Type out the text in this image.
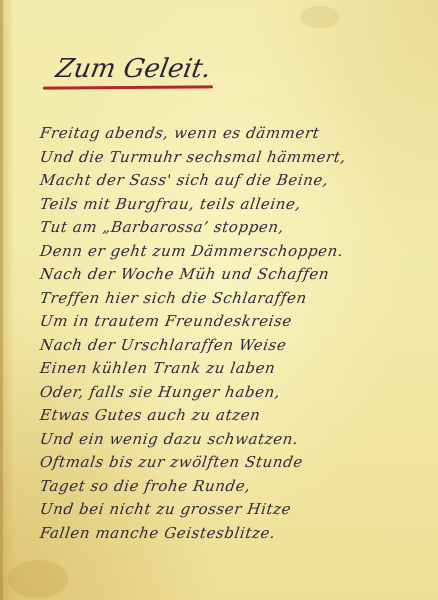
Zum Geleit.
Freitag abends, wenn es dämmert
Und die Turmuhr sechsmal hämmert,
Macht der Sass' sich auf die Beine,
Teils mit Burgfrau, teils alleine,
Tut am „Barbarossa’ stoppen,
Denn er geht zum Dämmerschoppen.
Nach der Woche Müh und Schaffen
Treffen hier sich die Schlaraffen
Um in trautem Freundeskreise
Nach der Urschlaraffen Weise
Einen kühlen Trank zu laben
Oder, falls sie Hunger haben,
Etwas Gutes auch zu atzen
Und ein wenig dazu schwatzen.
Oftmals bis zur zwölften Stunde
Taget so die frohe Runde,
Und bei nicht zu grosser Hitze
Fallen manche Geistesblitze.
